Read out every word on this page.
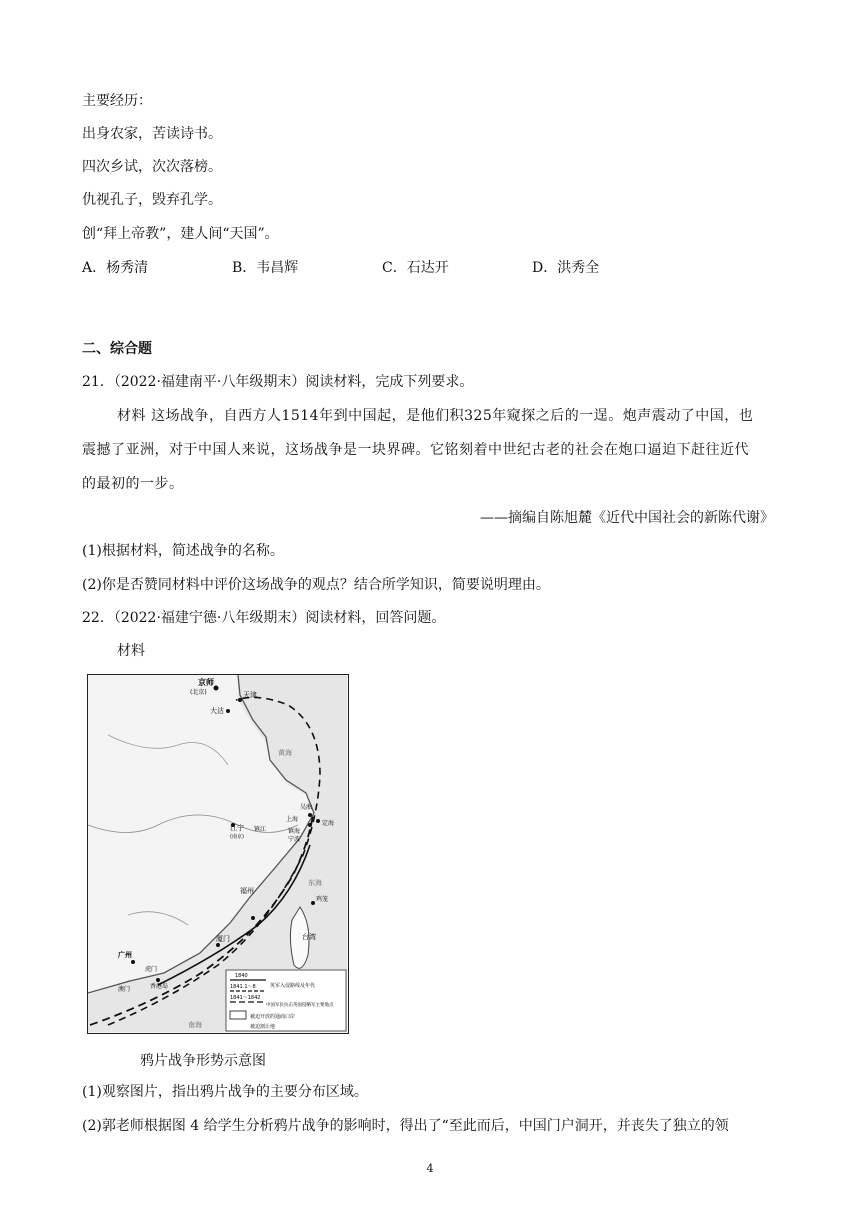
主要经历：
出身农家，苦读诗书。
四次乡试，次次落榜。
仇视孔子，毁弃孔学。
创“拜上帝教”，建人间“天国”。
A．杨秀清	B．韦昌辉	C．石达开	D．洪秀全
二、综合题
21．（2022·福建南平·八年级期末）阅读材料，完成下列要求。
材料 这场战争，自西方人1514年到中国起，是他们积325年窥探之后的一逞。炮声震动了中国，也
震撼了亚洲，对于中国人来说，这场战争是一块界碑。它铭刻着中世纪古老的社会在炮口逼迫下赶往近代
的最初的一步。
——摘编自陈旭麓《近代中国社会的新陈代谢》
(1)根据材料，简述战争的名称。
(2)你是否赞同材料中评价这场战争的观点？结合所学知识，简要说明理由。
22．（2022·福建宁德·八年级期末）阅读材料，回答问题。
材料
京师
(北京)	天津
大沽
江宁
(南京)
镇江
吴淞
上海
镇海
宁波
定海
福州
厦门
广州
虎门
澳门	香港岛
台湾
鸡笼
黄海
东海
南海
1840
1841.1～8
1841～1842
英军入侵路线及年代
中国军民抗击英国侵略军主要地点
被迫开放的通商口岸
被迫割让地
鸦片战争形势示意图
(1)观察图片，指出鸦片战争的主要分布区域。
(2)郭老师根据图 4 给学生分析鸦片战争的影响时，得出了“至此而后，中国门户洞开，并丧失了独立的领
4
